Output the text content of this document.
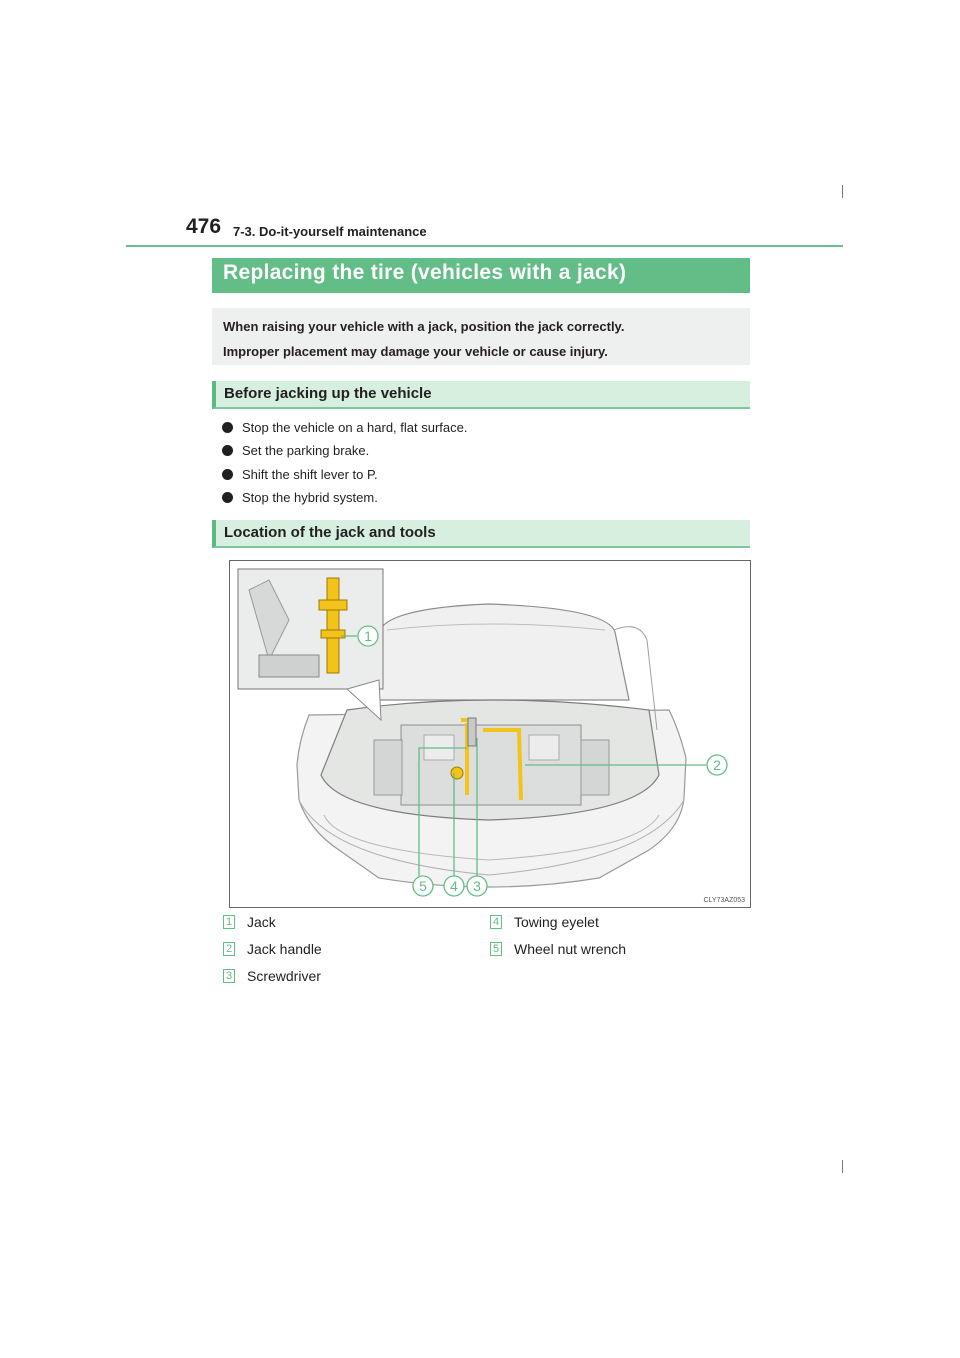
476 7-3. Do-it-yourself maintenance
Replacing the tire (vehicles with a jack)
When raising your vehicle with a jack, position the jack correctly.
Improper placement may damage your vehicle or cause injury.
Before jacking up the vehicle
Stop the vehicle on a hard, flat surface.
Set the parking brake.
Shift the shift lever to P.
Stop the hybrid system.
Location of the jack and tools
1
2
3
4
5
CLY73AZ053
1 Jack
2 Jack handle
3 Screwdriver
4 Towing eyelet
5 Wheel nut wrench
